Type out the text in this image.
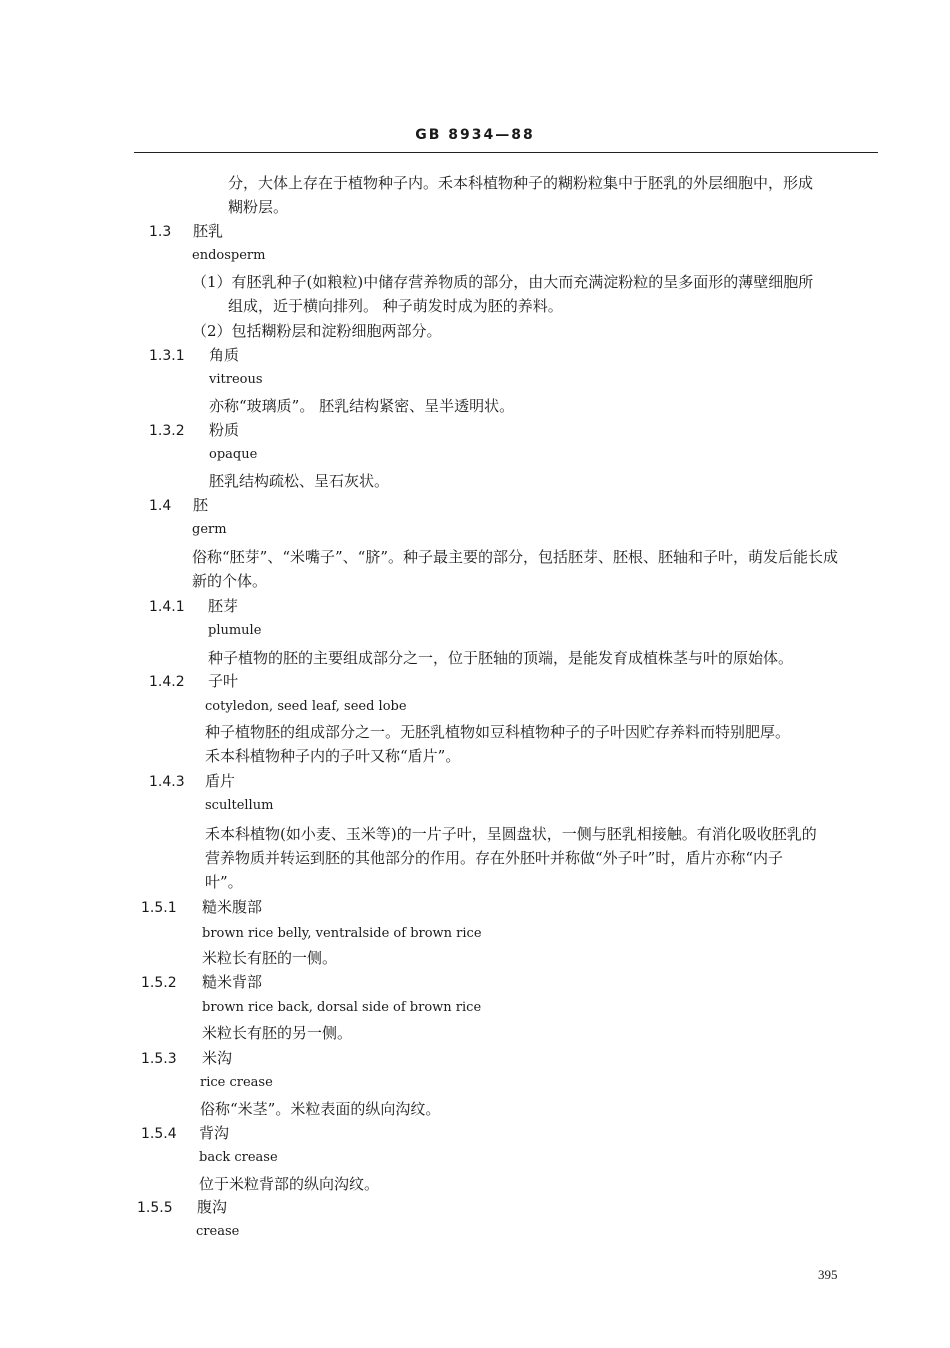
GB 8934—88
分，大体上存在于植物种子内。禾本科植物种子的糊粉粒集中于胚乳的外层细胞中，形成
糊粉层。
1.3 胚乳
endosperm
（1）有胚乳种子(如粮粒)中储存营养物质的部分，由大而充满淀粉粒的呈多面形的薄壁细胞所
组成，近于横向排列。 种子萌发时成为胚的养料。
（2）包括糊粉层和淀粉细胞两部分。
1.3.1 角质
vitreous
亦称“玻璃质”。 胚乳结构紧密、呈半透明状。
1.3.2 粉质
opaque
胚乳结构疏松、呈石灰状。
1.4 胚
germ
俗称“胚芽”、“米嘴子”、“脐”。种子最主要的部分，包括胚芽、胚根、胚轴和子叶，萌发后能长成
新的个体。
1.4.1 胚芽
plumule
种子植物的胚的主要组成部分之一，位于胚轴的顶端，是能发育成植株茎与叶的原始体。
1.4.2 子叶
cotyledon, seed leaf, seed lobe
种子植物胚的组成部分之一。无胚乳植物如豆科植物种子的子叶因贮存养料而特别肥厚。
禾本科植物种子内的子叶又称“盾片”。
1.4.3 盾片
scultellum
禾本科植物(如小麦、玉米等)的一片子叶，呈圆盘状，一侧与胚乳相接触。有消化吸收胚乳的
营养物质并转运到胚的其他部分的作用。存在外胚叶并称做“外子叶”时，盾片亦称“内子
叶”。
1.5.1 糙米腹部
brown rice belly, ventralside of brown rice
米粒长有胚的一侧。
1.5.2 糙米背部
brown rice back, dorsal side of brown rice
米粒长有胚的另一侧。
1.5.3 米沟
rice crease
俗称“米茎”。米粒表面的纵向沟纹。
1.5.4 背沟
back crease
位于米粒背部的纵向沟纹。
1.5.5 腹沟
crease
395
